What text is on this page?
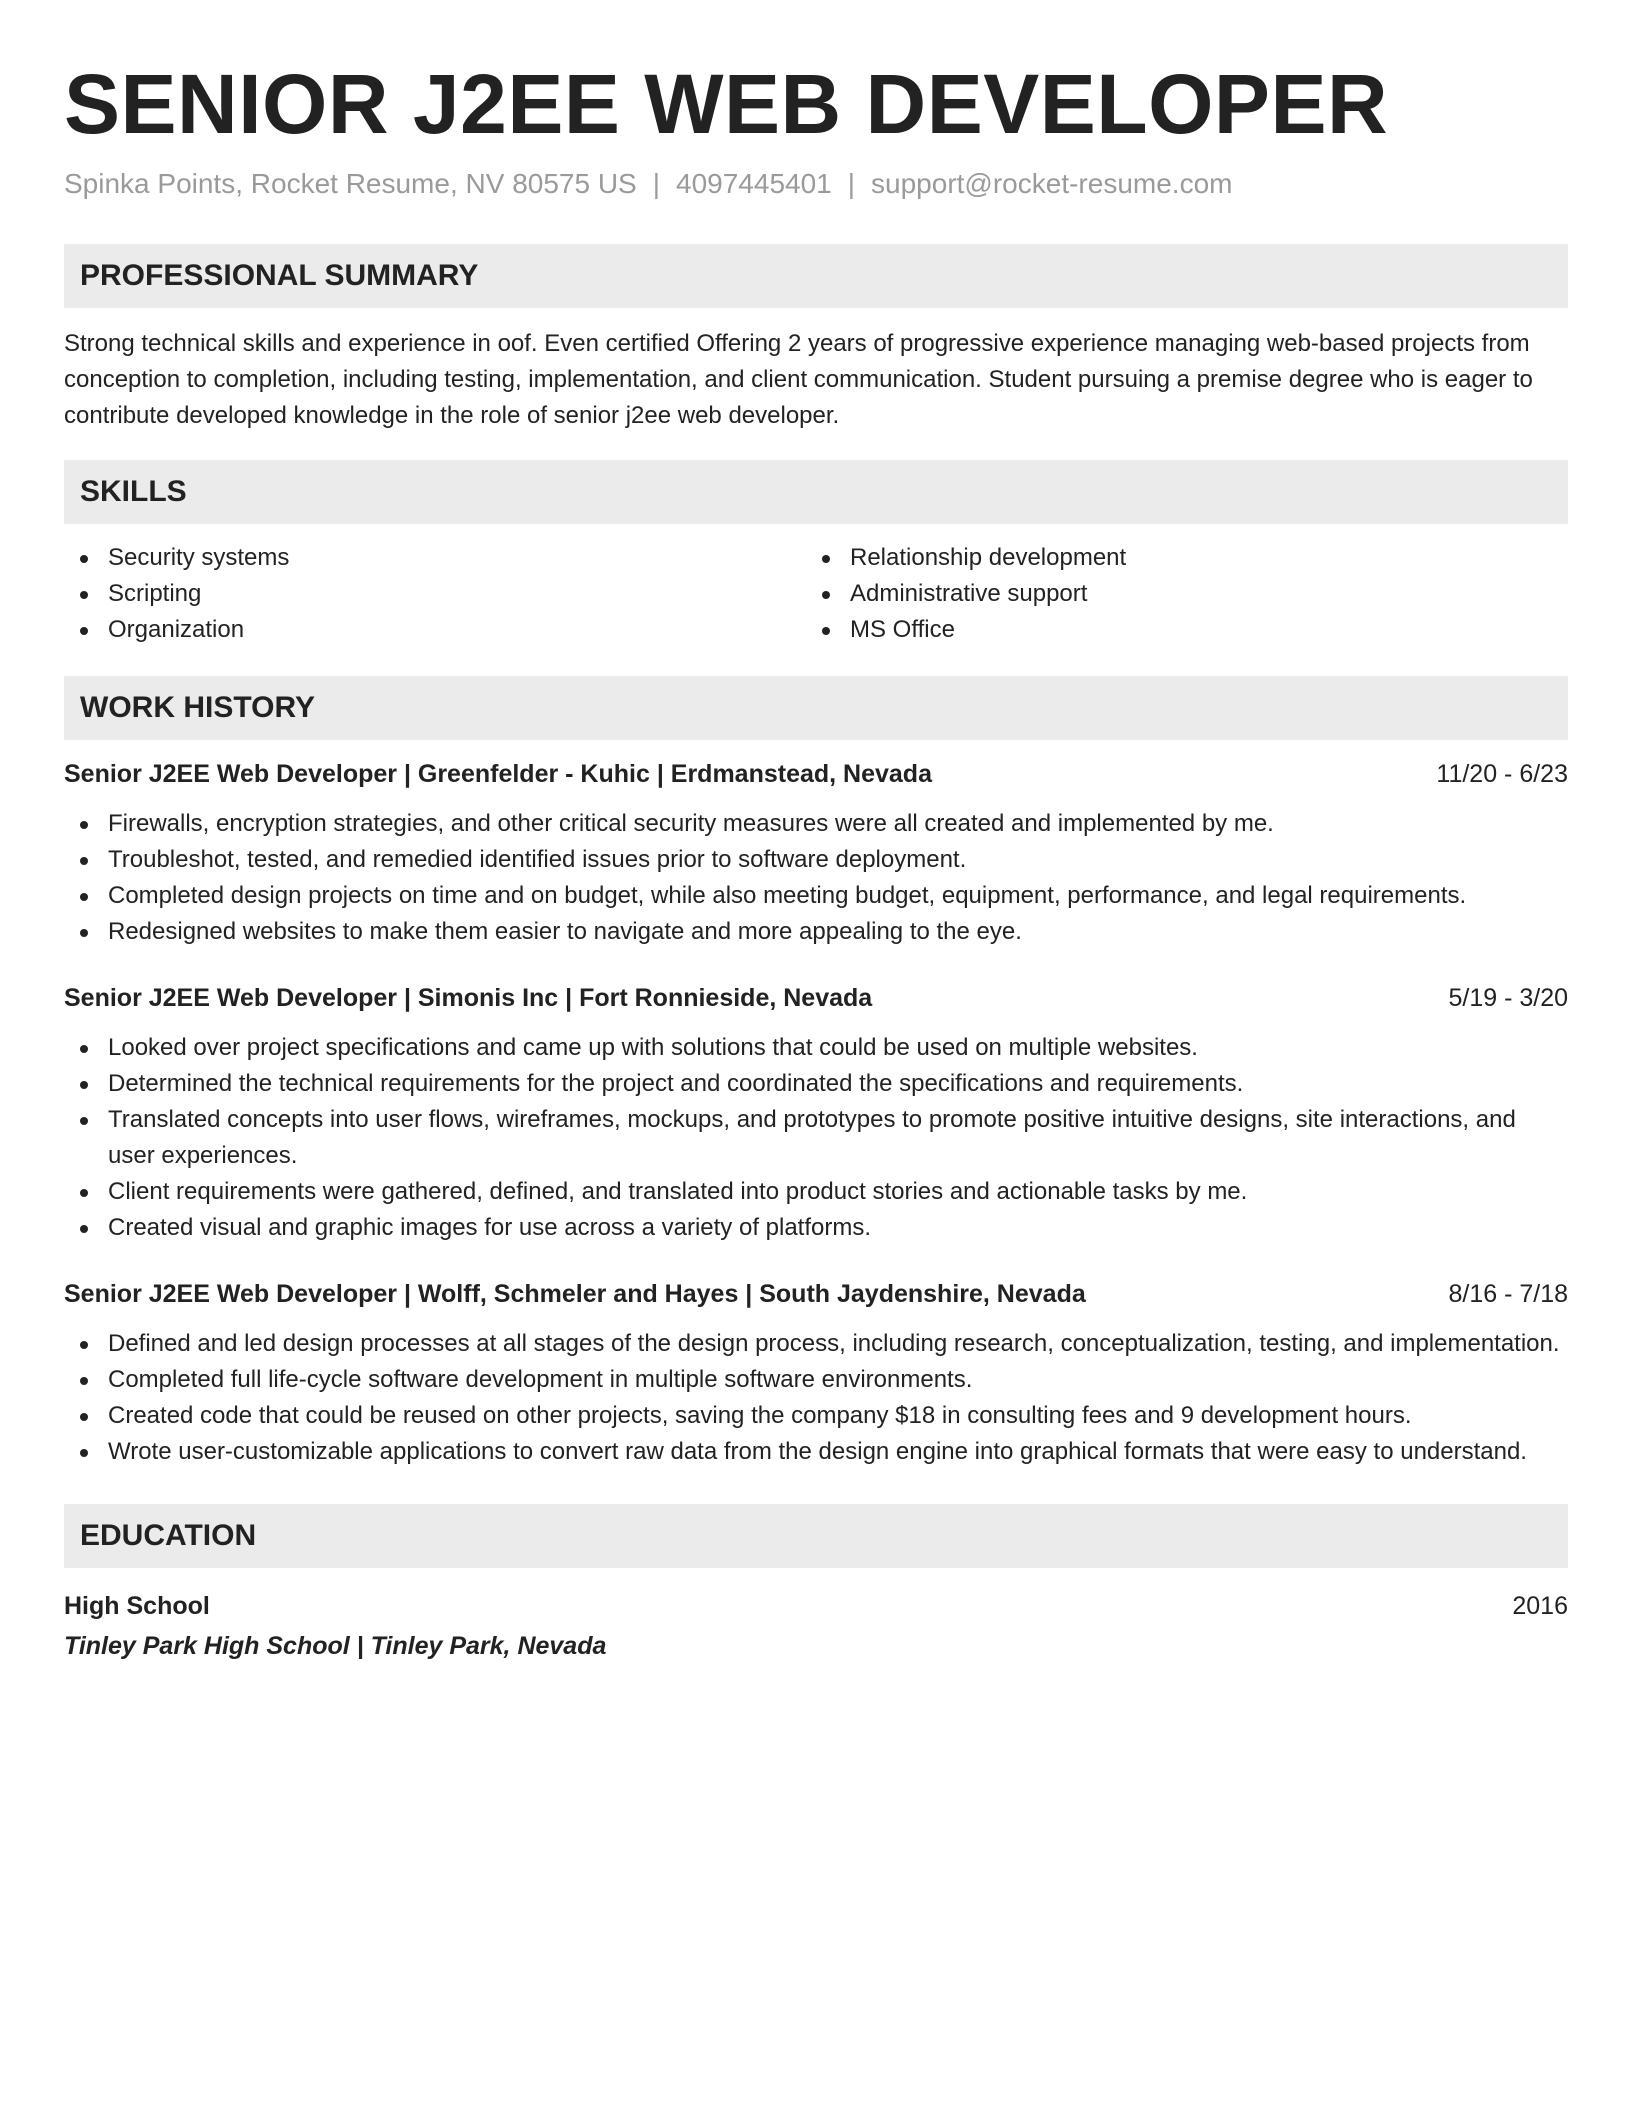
SENIOR J2EE WEB DEVELOPER
Spinka Points, Rocket Resume, NV 80575 US | 4097445401 | support@rocket-resume.com
PROFESSIONAL SUMMARY

Strong technical skills and experience in oof. Even certified Offering 2 years of progressive experience managing web-based projects from conception to completion, including testing, implementation, and client communication. Student pursuing a premise degree who is eager to contribute developed knowledge in the role of senior j2ee web developer.

SKILLS
Security systems
Scripting
Organization
Relationship development
Administrative support
MS Office
WORK HISTORY
Senior J2EE Web Developer | Greenfelder - Kuhic | Erdmanstead, Nevada	11/20 - 6/23
Firewalls, encryption strategies, and other critical security measures were all created and implemented by me.
Troubleshot, tested, and remedied identified issues prior to software deployment.
Completed design projects on time and on budget, while also meeting budget, equipment, performance, and legal requirements.
Redesigned websites to make them easier to navigate and more appealing to the eye.
Senior J2EE Web Developer | Simonis Inc | Fort Ronnieside, Nevada	5/19 - 3/20
Looked over project specifications and came up with solutions that could be used on multiple websites.
Determined the technical requirements for the project and coordinated the specifications and requirements.
Translated concepts into user flows, wireframes, mockups, and prototypes to promote positive intuitive designs, site interactions, and user experiences.
Client requirements were gathered, defined, and translated into product stories and actionable tasks by me.
Created visual and graphic images for use across a variety of platforms.
Senior J2EE Web Developer | Wolff, Schmeler and Hayes | South Jaydenshire, Nevada	8/16 - 7/18
Defined and led design processes at all stages of the design process, including research, conceptualization, testing, and implementation.
Completed full life-cycle software development in multiple software environments.
Created code that could be reused on other projects, saving the company $18 in consulting fees and 9 development hours.
Wrote user-customizable applications to convert raw data from the design engine into graphical formats that were easy to understand.
EDUCATION
High School	2016
Tinley Park High School | Tinley Park, Nevada
